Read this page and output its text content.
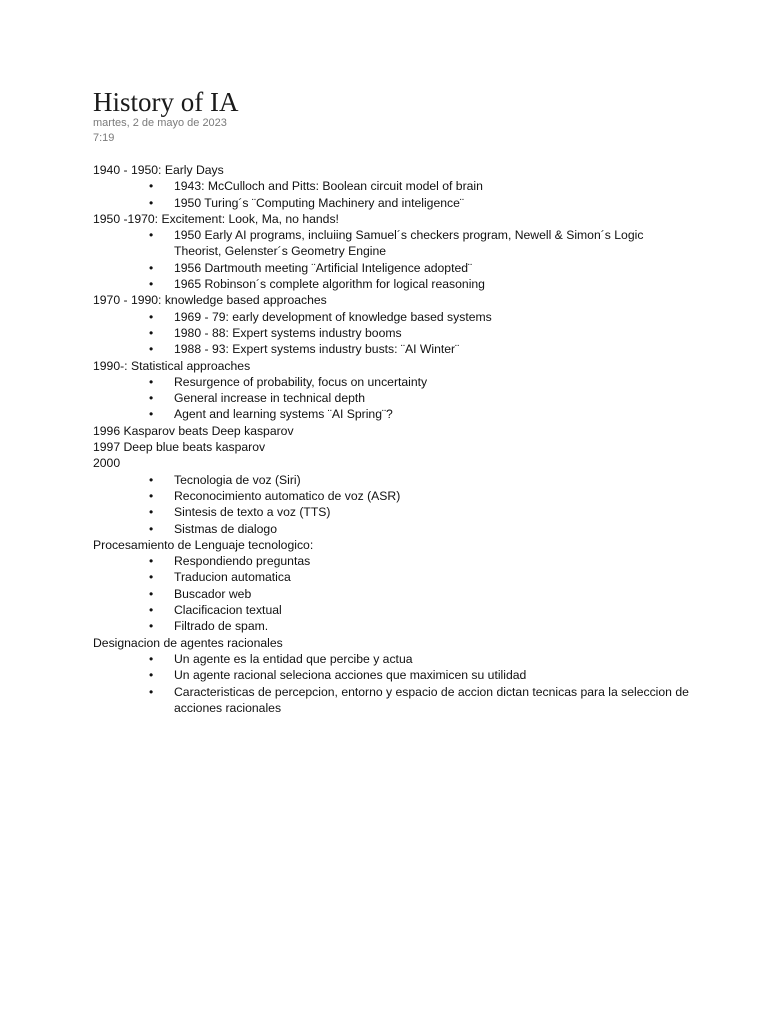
History of IA
martes, 2 de mayo de 2023
7:19
1940 - 1950: Early Days
• 1943: McCulloch and Pitts: Boolean circuit model of brain
• 1950 Turing´s ¨Computing Machinery and inteligence¨
1950 -1970: Excitement: Look, Ma, no hands!
• 1950 Early AI programs, incluiing Samuel´s checkers program, Newell & Simon´s Logic Theorist, Gelenster´s Geometry Engine
• 1956 Dartmouth meeting ¨Artificial Inteligence adopted¨
• 1965 Robinson´s complete algorithm for logical reasoning
1970 - 1990: knowledge based approaches
• 1969 - 79: early development of knowledge based systems
• 1980 - 88: Expert systems industry booms
• 1988 - 93: Expert systems industry busts: ¨AI Winter¨
1990-: Statistical approaches
• Resurgence of probability, focus on uncertainty
• General increase in technical depth
• Agent and learning systems ¨AI Spring¨?
1996 Kasparov beats Deep kasparov
1997 Deep blue beats kasparov
2000
• Tecnologia de voz (Siri)
• Reconocimiento automatico de voz (ASR)
• Sintesis de texto a voz (TTS)
• Sistmas de dialogo
Procesamiento de Lenguaje tecnologico:
• Respondiendo preguntas
• Traducion automatica
• Buscador web
• Clacificacion textual
• Filtrado de spam.
Designacion de agentes racionales
• Un agente es la entidad que percibe y actua
• Un agente racional seleciona acciones que maximicen su utilidad
• Caracteristicas de percepcion, entorno y espacio de accion dictan tecnicas para la seleccion de acciones racionales
